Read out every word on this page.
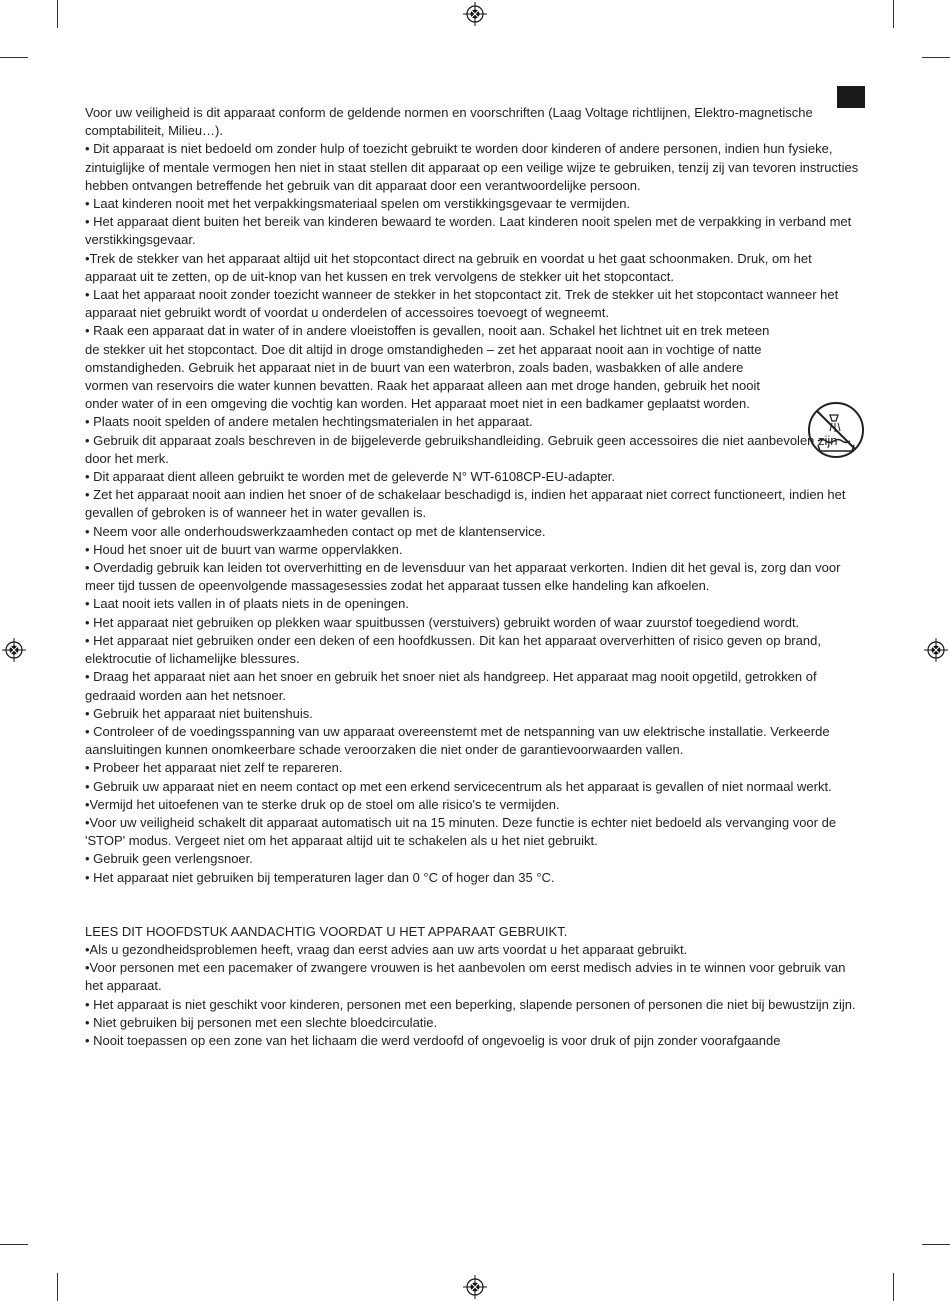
Voor uw veiligheid is dit apparaat conform de geldende normen en voorschriften (Laag Voltage richtlijnen, Elektro-magnetische comptabiliteit, Milieu…).

• Dit apparaat is niet bedoeld om zonder hulp of toezicht gebruikt te worden door kinderen of andere personen, indien hun fysieke, zintuiglijke of mentale vermogen hen niet in staat stellen dit apparaat op een veilige wijze te gebruiken, tenzij zij van tevoren instructies hebben ontvangen betreffende het gebruik van dit apparaat door een verantwoordelijke persoon.

• Laat kinderen nooit met het verpakkingsmateriaal spelen om verstikkingsgevaar te vermijden.

• Het apparaat dient buiten het bereik van kinderen bewaard te worden. Laat kinderen nooit spelen met de verpakking in verband met verstikkingsgevaar.

•Trek de stekker van het apparaat altijd uit het stopcontact direct na gebruik en voordat u het gaat schoonmaken. Druk, om het apparaat uit te zetten, op de uit-knop van het kussen en trek vervolgens de stekker uit het stopcontact.

• Laat het apparaat nooit zonder toezicht wanneer de stekker in het stopcontact zit. Trek de stekker uit het stopcontact wanneer het apparaat niet gebruikt wordt of voordat u onderdelen of accessoires toevoegt of wegneemt.

• Raak een apparaat dat in water of in andere vloeistoffen is gevallen, nooit aan. Schakel het lichtnet uit en trek meteen de stekker uit het stopcontact. Doe dit altijd in droge omstandigheden – zet het apparaat nooit aan in vochtige of natte omstandigheden. Gebruik het apparaat niet in de buurt van een waterbron, zoals baden, wasbakken of alle andere vormen van reservoirs die water kunnen bevatten. Raak het apparaat alleen aan met droge handen, gebruik het nooit onder water of in een omgeving die vochtig kan worden. Het apparaat moet niet in een badkamer geplaatst worden.

• Plaats nooit spelden of andere metalen hechtingsmaterialen in het apparaat.

• Gebruik dit apparaat zoals beschreven in de bijgeleverde gebruikshandleiding. Gebruik geen accessoires die niet aanbevolen zijn door het merk.

• Dit apparaat dient alleen gebruikt te worden met de geleverde N° WT-6108CP-EU-adapter.

• Zet het apparaat nooit aan indien het snoer of de schakelaar beschadigd is, indien het apparaat niet correct functioneert, indien het gevallen of gebroken is of wanneer het in water gevallen is.

• Neem voor alle onderhoudswerkzaamheden contact op met de klantenservice.

• Houd het snoer uit de buurt van warme oppervlakken.

• Overdadig gebruik kan leiden tot oververhitting en de levensduur van het apparaat verkorten. Indien dit het geval is, zorg dan voor meer tijd tussen de opeenvolgende massagesessies zodat het apparaat tussen elke handeling kan afkoelen.

• Laat nooit iets vallen in of plaats niets in de openingen.

• Het apparaat niet gebruiken op plekken waar spuitbussen (verstuivers) gebruikt worden of waar zuurstof toegediend wordt.

• Het apparaat niet gebruiken onder een deken of een hoofdkussen. Dit kan het apparaat oververhitten of risico geven op brand, elektrocutie of lichamelijke blessures.

• Draag het apparaat niet aan het snoer en gebruik het snoer niet als handgreep. Het apparaat mag nooit opgetild, getrokken of gedraaid worden aan het netsnoer.

• Gebruik het apparaat niet buitenshuis.

• Controleer of de voedingsspanning van uw apparaat overeenstemt met de netspanning van uw elektrische installatie. Verkeerde aansluitingen kunnen onomkeerbare schade veroorzaken die niet onder de garantievoorwaarden vallen.

• Probeer het apparaat niet zelf te repareren.

• Gebruik uw apparaat niet en neem contact op met een erkend servicecentrum als het apparaat is gevallen of niet normaal werkt.

•Vermijd het uitoefenen van te sterke druk op de stoel om alle risico's te vermijden.

•Voor uw veiligheid schakelt dit apparaat automatisch uit na 15 minuten. Deze functie is echter niet bedoeld als vervanging voor de 'STOP' modus. Vergeet niet om het apparaat altijd uit te schakelen als u het niet gebruikt.

• Gebruik geen verlengsnoer.

• Het apparaat niet gebruiken bij temperaturen lager dan 0 °C of hoger dan 35 °C.

LEES DIT HOOFDSTUK AANDACHTIG VOORDAT U HET APPARAAT GEBRUIKT.

•Als u gezondheidsproblemen heeft, vraag dan eerst advies aan uw arts voordat u het apparaat gebruikt.

•Voor personen met een pacemaker of zwangere vrouwen is het aanbevolen om eerst medisch advies in te winnen voor gebruik van het apparaat.

• Het apparaat is niet geschikt voor kinderen, personen met een beperking, slapende personen of personen die niet bij bewustzijn zijn.

• Niet gebruiken bij personen met een slechte bloedcirculatie.

• Nooit toepassen op een zone van het lichaam die werd verdoofd of ongevoelig is voor druk of pijn zonder voorafgaande
